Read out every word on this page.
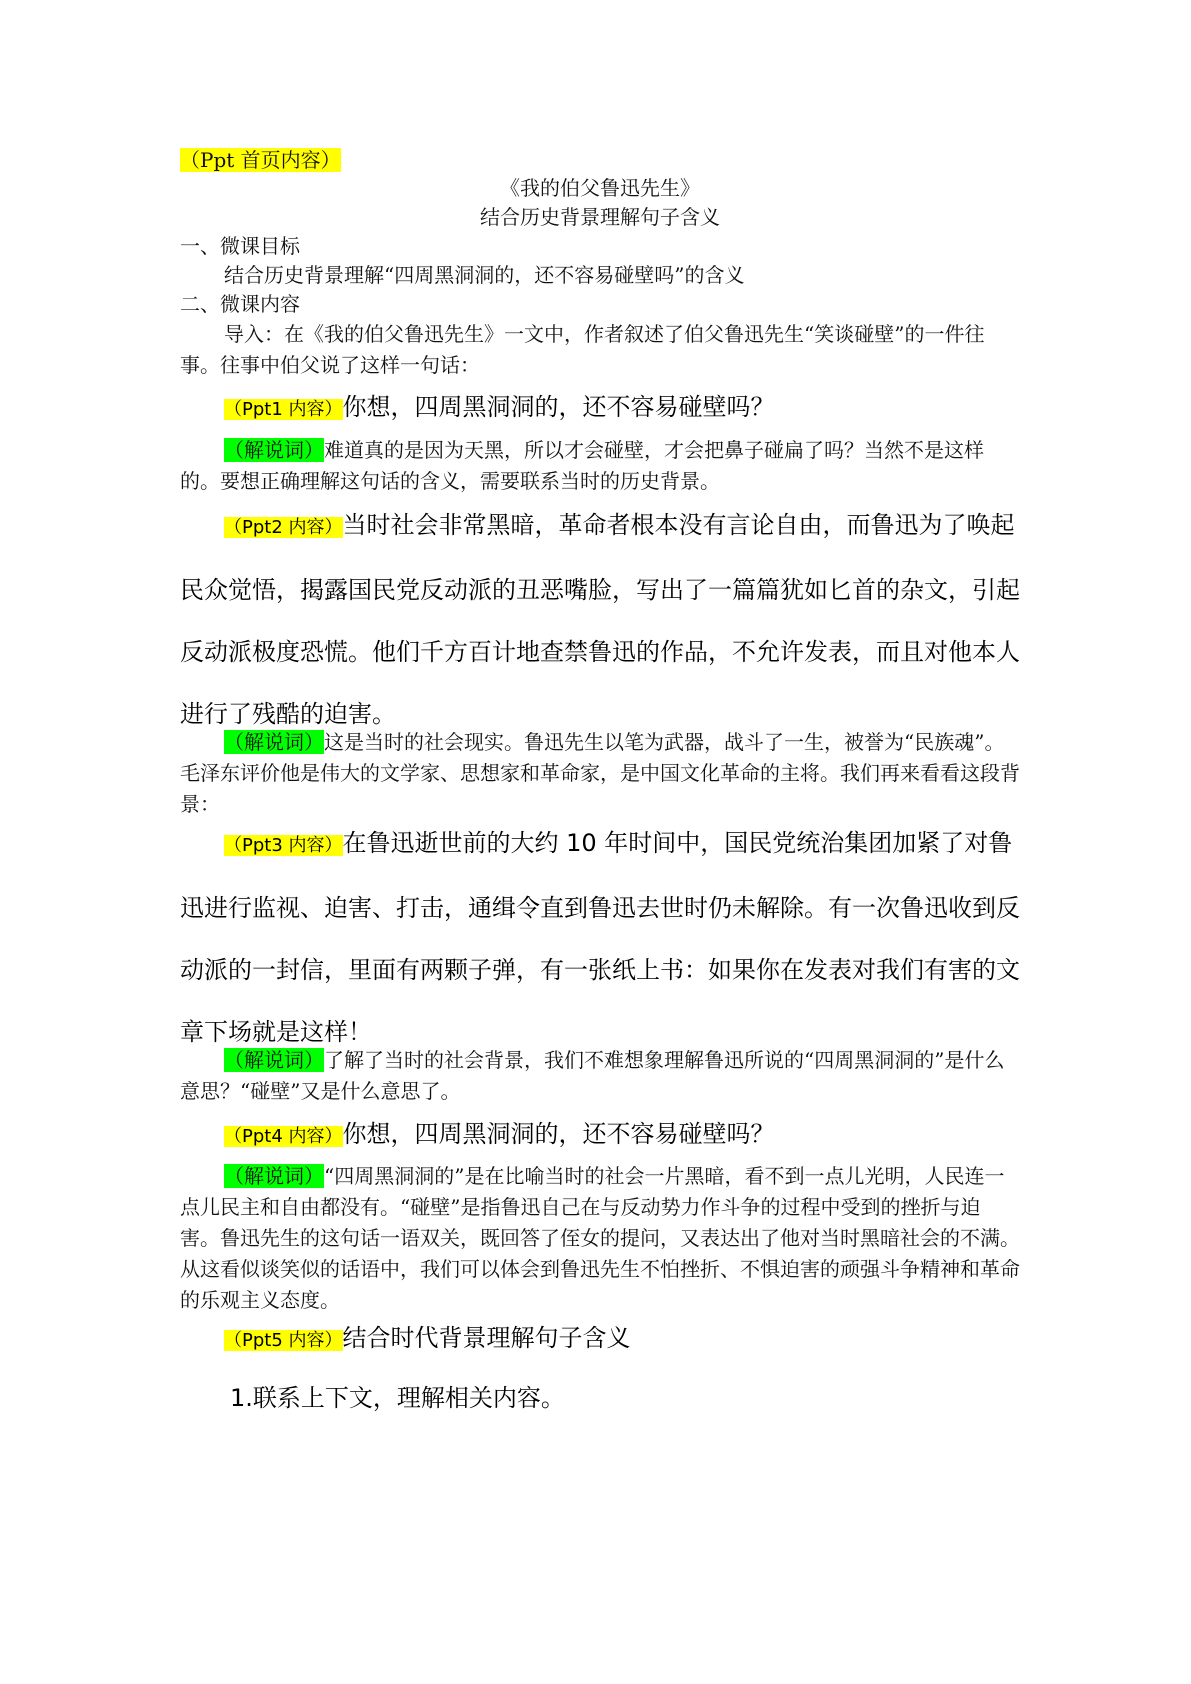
（Ppt 首页内容）

《我的伯父鲁迅先生》

结合历史背景理解句子含义

一、微课目标

结合历史背景理解“四周黑洞洞的，还不容易碰壁吗”的含义

二、微课内容

导入：在《我的伯父鲁迅先生》一文中，作者叙述了伯父鲁迅先生“笑谈碰壁”的一件往事。往事中伯父说了这样一句话：

（Ppt1 内容）你想，四周黑洞洞的，还不容易碰壁吗？

（解说词）难道真的是因为天黑，所以才会碰壁，才会把鼻子碰扁了吗？当然不是这样的。要想正确理解这句话的含义，需要联系当时的历史背景。

（Ppt2 内容）当时社会非常黑暗，革命者根本没有言论自由，而鲁迅为了唤起民众觉悟，揭露国民党反动派的丑恶嘴脸，写出了一篇篇犹如匕首的杂文，引起反动派极度恐慌。他们千方百计地查禁鲁迅的作品，不允许发表，而且对他本人进行了残酷的迫害。

（解说词）这是当时的社会现实。鲁迅先生以笔为武器，战斗了一生，被誉为“民族魂”。毛泽东评价他是伟大的文学家、思想家和革命家，是中国文化革命的主将。我们再来看看这段背景：

（Ppt3 内容）在鲁迅逝世前的大约 10 年时间中，国民党统治集团加紧了对鲁迅进行监视、迫害、打击，通缉令直到鲁迅去世时仍未解除。有一次鲁迅收到反动派的一封信，里面有两颗子弹，有一张纸上书：如果你在发表对我们有害的文章下场就是这样！

（解说词）了解了当时的社会背景，我们不难想象理解鲁迅所说的“四周黑洞洞的”是什么意思？“碰壁”又是什么意思了。

（Ppt4 内容）你想，四周黑洞洞的，还不容易碰壁吗？

（解说词）“四周黑洞洞的”是在比喻当时的社会一片黑暗，看不到一点儿光明，人民连一点儿民主和自由都没有。“碰壁”是指鲁迅自己在与反动势力作斗争的过程中受到的挫折与迫害。鲁迅先生的这句话一语双关，既回答了侄女的提问，又表达出了他对当时黑暗社会的不满。从这看似谈笑似的话语中，我们可以体会到鲁迅先生不怕挫折、不惧迫害的顽强斗争精神和革命的乐观主义态度。

（Ppt5 内容）结合时代背景理解句子含义

1.联系上下文，理解相关内容。
